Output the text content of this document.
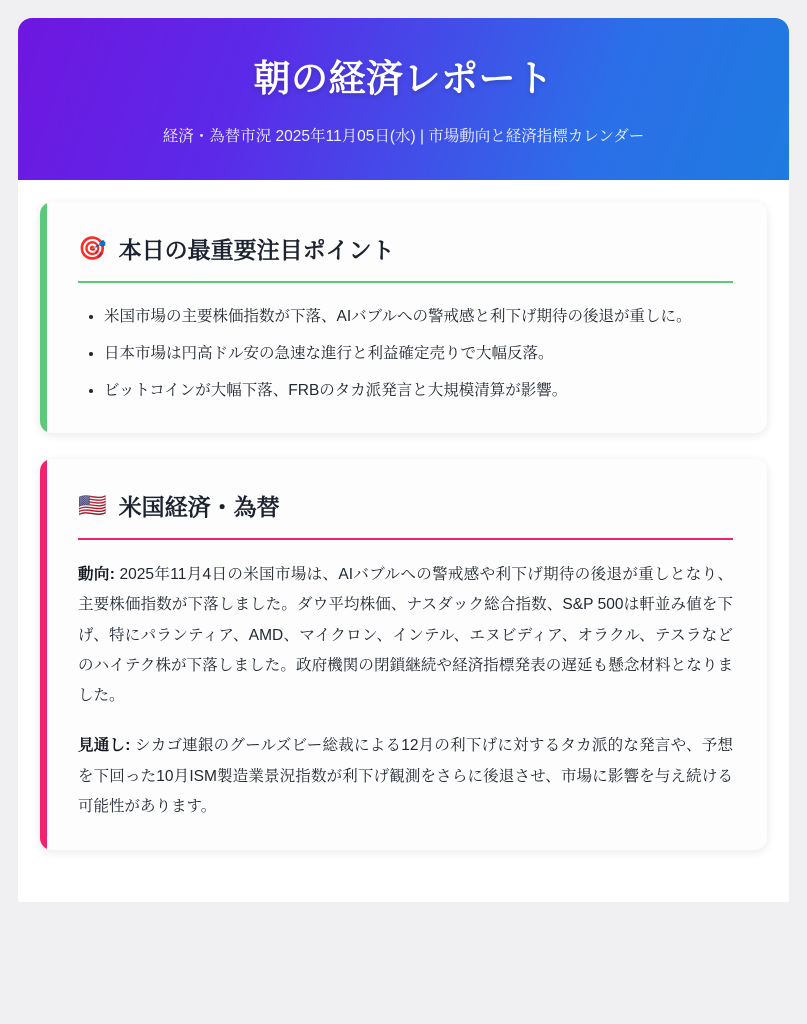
朝の経済レポート
経済・為替市況 2025年11月05日(水) | 市場動向と経済指標カレンダー
🎯 本日の最重要注目ポイント
• 米国市場の主要株価指数が下落、AIバブルへの警戒感と利下げ期待の後退が重しに。
• 日本市場は円高ドル安の急速な進行と利益確定売りで大幅反落。
• ビットコインが大幅下落、FRBのタカ派発言と大規模清算が影響。
🇺🇸 米国経済・為替

動向: 2025年11月4日の米国市場は、AIバブルへの警戒感や利下げ期待の後退が重しとなり、主要株価指数が下落しました。ダウ平均株価、ナスダック総合指数、S&P 500は軒並み値を下げ、特にパランティア、AMD、マイクロン、インテル、エヌビディア、オラクル、テスラなどのハイテク株が下落しました。政府機関の閉鎖継続や経済指標発表の遅延も懸念材料となりました。

見通し: シカゴ連銀のグールズビー総裁による12月の利下げに対するタカ派的な発言や、予想を下回った10月ISM製造業景況指数が利下げ観測をさらに後退させ、市場に影響を与え続ける可能性があります。
